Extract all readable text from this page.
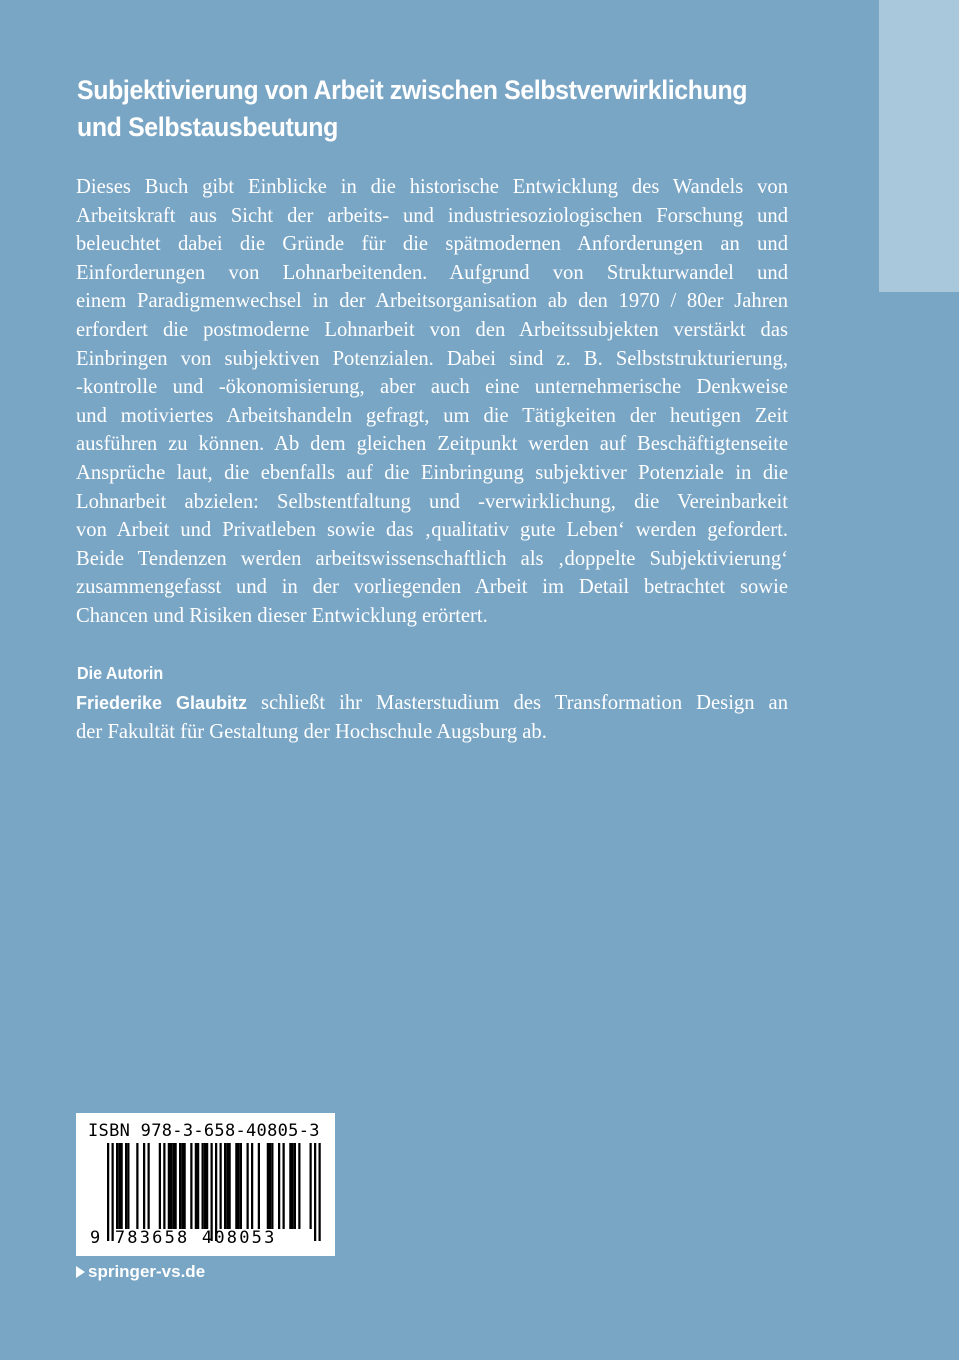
Subjektivierung von Arbeit zwischen Selbstverwirklichung
und Selbstausbeutung
Dieses Buch gibt Einblicke in die historische Entwicklung des Wandels von
Arbeitskraft aus Sicht der arbeits- und industriesoziologischen Forschung und
beleuchtet dabei die Gründe für die spätmodernen Anforderungen an und
Einforderungen von Lohnarbeitenden. Aufgrund von Strukturwandel und
einem Paradigmenwechsel in der Arbeitsorganisation ab den 1970 / 80er Jahren
erfordert die postmoderne Lohnarbeit von den Arbeitssubjekten verstärkt das
Einbringen von subjektiven Potenzialen. Dabei sind z. B. Selbststrukturierung,
-kontrolle und -ökonomisierung, aber auch eine unternehmerische Denkweise
und motiviertes Arbeitshandeln gefragt, um die Tätigkeiten der heutigen Zeit
ausführen zu können. Ab dem gleichen Zeitpunkt werden auf Beschäftigtenseite
Ansprüche laut, die ebenfalls auf die Einbringung subjektiver Potenziale in die
Lohnarbeit abzielen: Selbstentfaltung und -verwirklichung, die Vereinbarkeit
von Arbeit und Privatleben sowie das ‚qualitativ gute Leben‘ werden gefordert.
Beide Tendenzen werden arbeitswissenschaftlich als ‚doppelte Subjektivierung‘
zusammengefasst und in der vorliegenden Arbeit im Detail betrachtet sowie
Chancen und Risiken dieser Entwicklung erörtert.
Die Autorin
Friederike Glaubitz schließt ihr Masterstudium des Transformation Design an
der Fakultät für Gestaltung der Hochschule Augsburg ab.
ISBN 978-3-658-40805-3
9 783658 408053
springer-vs.de
